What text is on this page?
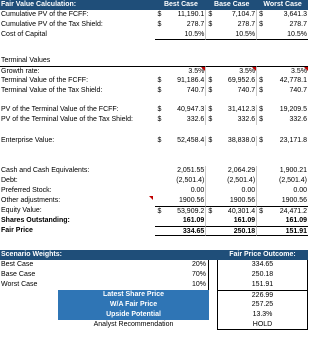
Fair Value Calculation:	Best Case	Base Case	Worst Case
Cumulative PV of the FCFF:	$ 11,190.1 $	7,104.7 $	3,641.3
Cumulative PV of the Tax Shield:	$	278.7 $	278.7 $	278.7
Cost of Capital	10.5%	10.5%	10.5%
Terminal Values
Growth rate:	3.5%	3.5%	3.5%
Terminal Value of the FCFF:	$ 91,186.4 $ 69,952.6 $ 42,778.1
Terminal Value of the Tax Shield:	$	740.7 $	740.7 $	740.7
PV of the Terminal Value of the FCFF:	$ 40,947.3 $ 31,412.3 $ 19,209.5
PV of the Terminal Value of the Tax Shield:	$	332.6 $	332.6 $	332.6
Enterprise Value:	$ 52,458.4 $ 38,838.0 $ 23,171.8
Cash and Cash Equivalents:	2,051.55	2,064.29	1,900.21
Debt:	(2,501.4)	(2,501.4)	(2,501.4)
Preferred Stock:	0.00	0.00	0.00
Other adjustments:	1900.56	1900.56	1900.56
Equity Value:	$ 53,909.2 $ 40,301.4 $ 24,471.2
Shares Outstanding:	161.09	161.09	161.09
Fair Price	334.65	250.18	151.91
Scenario Weights:	Fair Price Outcome:
Best Case	20%	334.65
Base Case	70%	250.18
Worst Case	10%	151.91
Latest Share Price	226.99
W/A Fair Price	257.25
Upside Potential	13.3%
Analyst Recommendation	HOLD
